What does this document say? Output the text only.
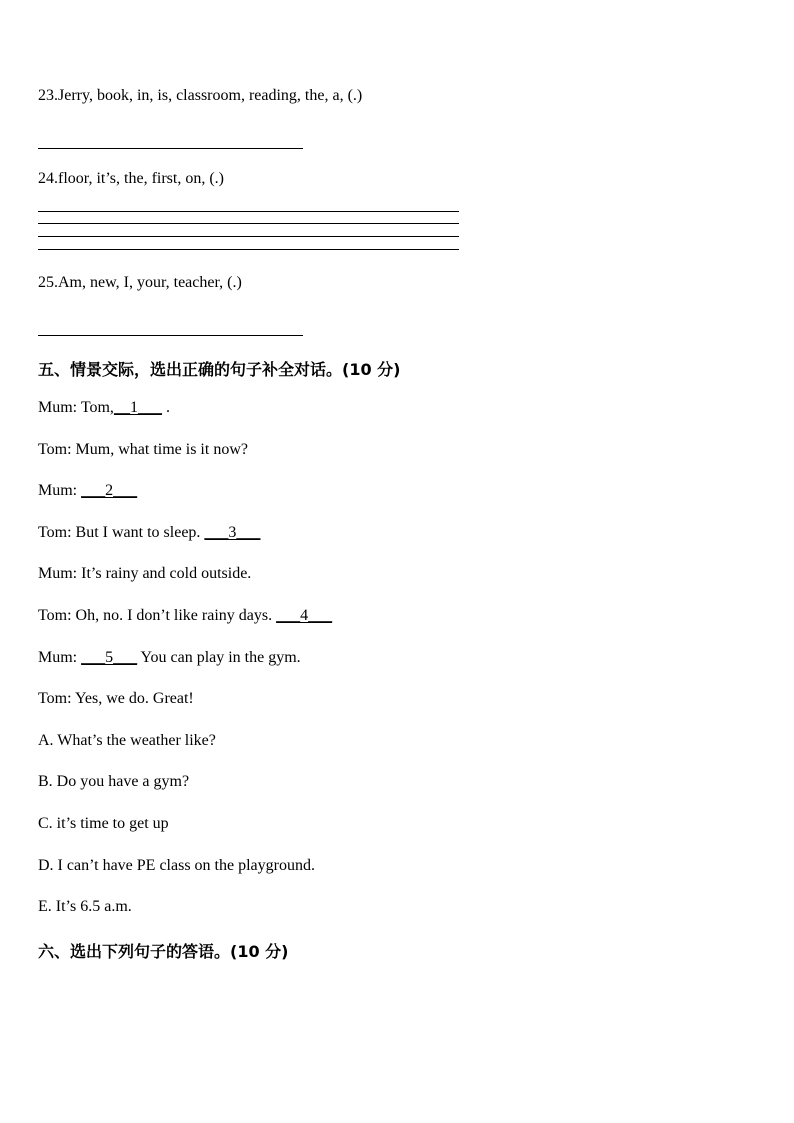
23.Jerry, book, in, is, classroom, reading, the, a, (.)
24.floor, it’s, the, first, on, (.)
25.Am, new, I, your, teacher, (.)
五、情景交际，选出正确的句子补全对话。(10 分)
Mum: Tom,__1___ .
Tom: Mum, what time is it now?
Mum: ___2___
Tom: But I want to sleep. ___3___
Mum: It’s rainy and cold outside.
Tom: Oh, no. I don’t like rainy days. ___4___
Mum: ___5___ You can play in the gym.
Tom: Yes, we do. Great!
A. What’s the weather like?
B. Do you have a gym?
C. it’s time to get up
D. I can’t have PE class on the playground.
E. It’s 6.5 a.m.
六、选出下列句子的答语。(10 分)
